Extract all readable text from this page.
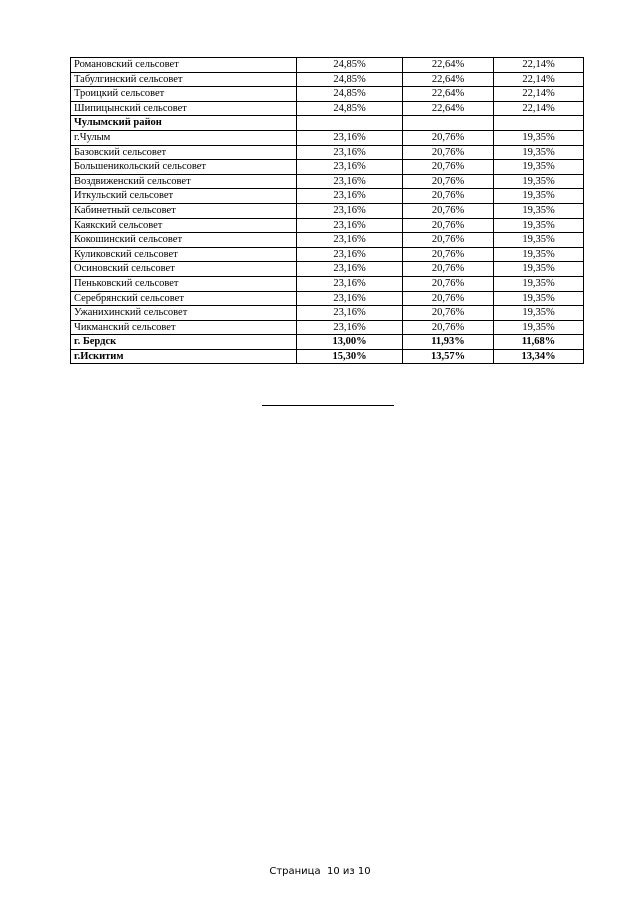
Романовский сельсовет	24,85%	22,64%	22,14%
Табулгинский сельсовет	24,85%	22,64%	22,14%
Троицкий сельсовет	24,85%	22,64%	22,14%
Шипицынский сельсовет	24,85%	22,64%	22,14%
Чулымский район			
г.Чулым	23,16%	20,76%	19,35%
Базовский сельсовет	23,16%	20,76%	19,35%
Большеникольский сельсовет	23,16%	20,76%	19,35%
Воздвиженский сельсовет	23,16%	20,76%	19,35%
Иткульский сельсовет	23,16%	20,76%	19,35%
Кабинетный сельсовет	23,16%	20,76%	19,35%
Каякский сельсовет	23,16%	20,76%	19,35%
Кокошинский сельсовет	23,16%	20,76%	19,35%
Куликовский сельсовет	23,16%	20,76%	19,35%
Осиновский сельсовет	23,16%	20,76%	19,35%
Пеньковский сельсовет	23,16%	20,76%	19,35%
Серебрянский сельсовет	23,16%	20,76%	19,35%
Ужанихинский сельсовет	23,16%	20,76%	19,35%
Чикманский сельсовет	23,16%	20,76%	19,35%
г. Бердск	13,00%	11,93%	11,68%
г.Искитим	15,30%	13,57%	13,34%
Страница 10 из 10
